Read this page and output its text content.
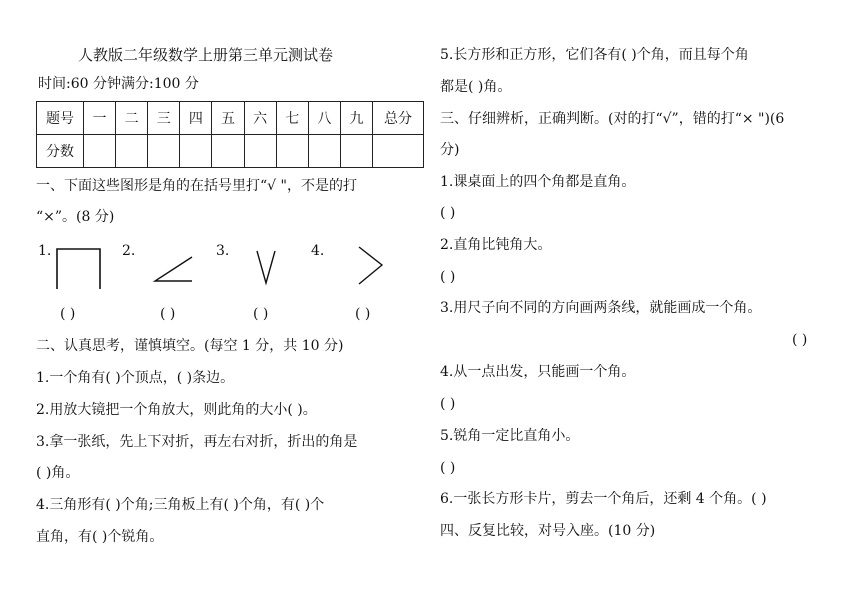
人教版二年级数学上册第三单元测试卷
时间:60 分钟满分:100 分
题号	一	二	三	四	五	六	七	八	九	总分
分数										
一、下面这些图形是角的在括号里打“√ "，不是的打
“×”。(8 分)
1.	2.	3.	4.
( )	( )	( )	( )
二、认真思考，谨慎填空。(每空 1 分，共 10 分)
1.一个角有( )个顶点，( )条边。
2.用放大镜把一个角放大，则此角的大小( )。
3.拿一张纸，先上下对折，再左右对折，折出的角是
( )角。
4.三角形有( )个角;三角板上有( )个角，有( )个
直角，有( )个锐角。
5.长方形和正方形，它们各有( )个角，而且每个角
都是( )角。
三、仔细辨析，正确判断。(对的打“√”，错的打“× ")(6
分)
1.课桌面上的四个角都是直角。
( )
2.直角比钝角大。
( )
3.用尺子向不同的方向画两条线，就能画成一个角。
( )
4.从一点出发，只能画一个角。
( )
5.锐角一定比直角小。
( )
6.一张长方形卡片，剪去一个角后，还剩 4 个角。( )
四、反复比较，对号入座。(10 分)
